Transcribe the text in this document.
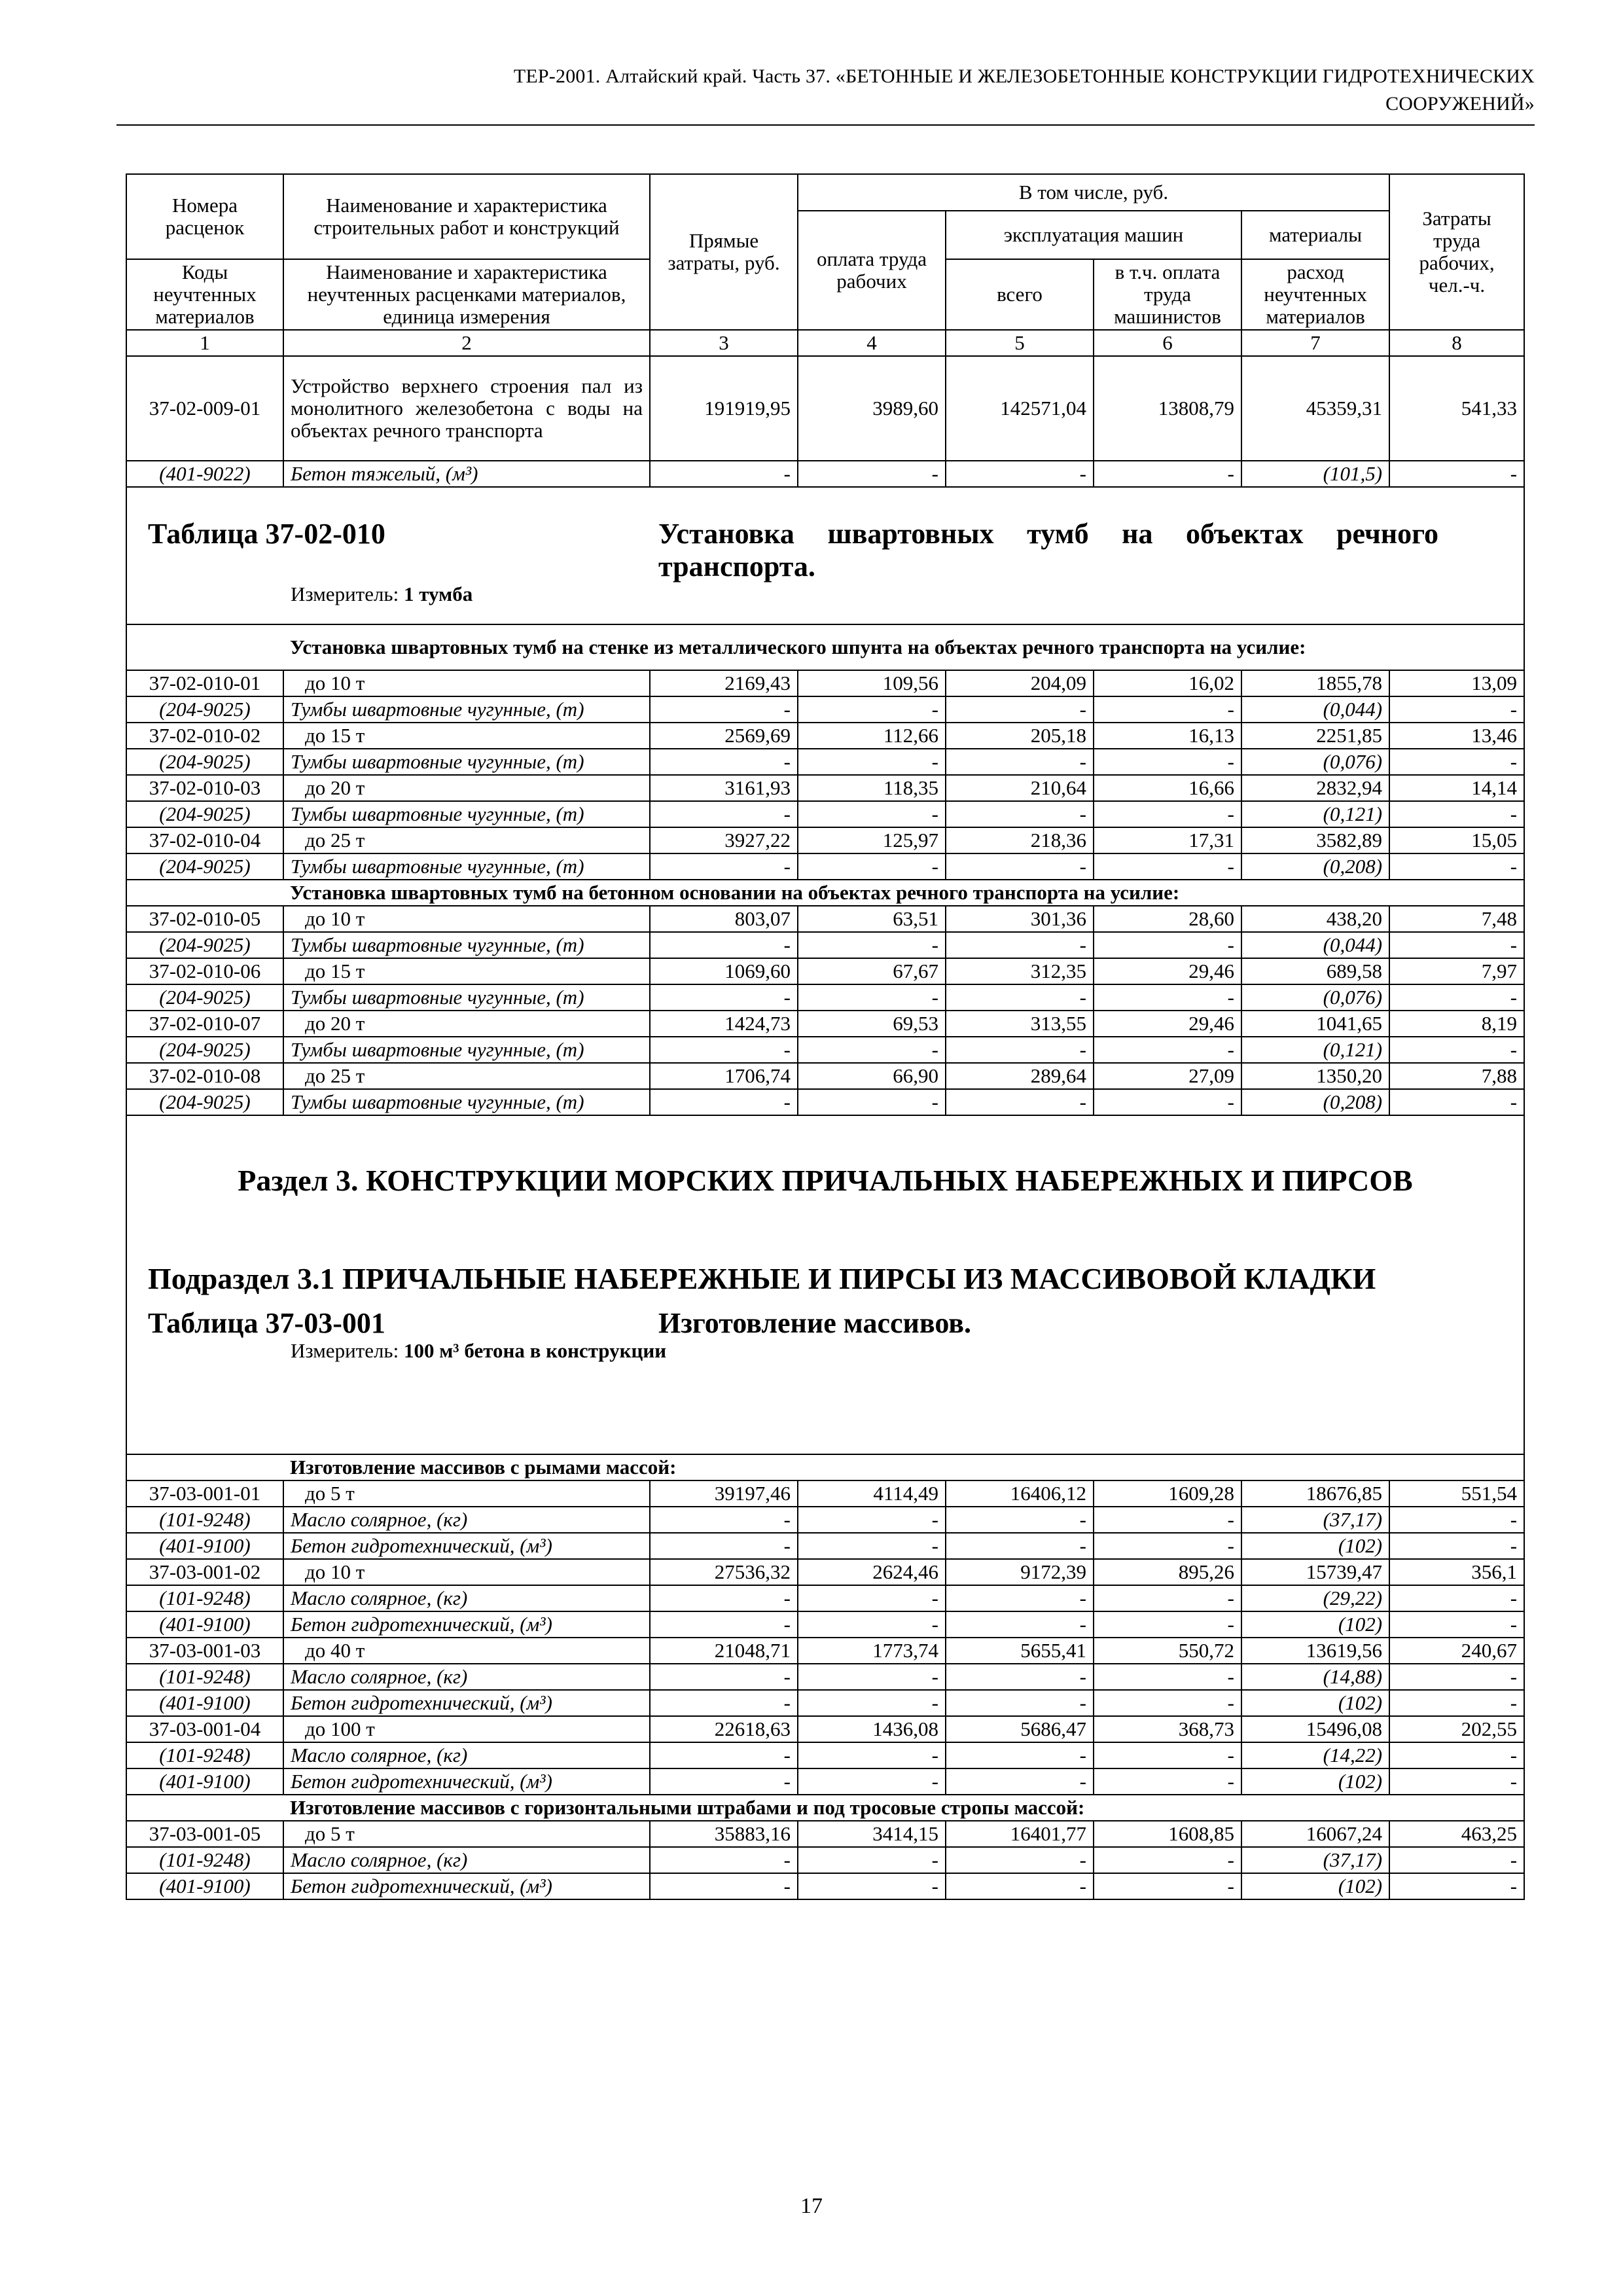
ТЕР-2001. Алтайский край. Часть 37. «БЕТОННЫЕ И ЖЕЛЕЗОБЕТОННЫЕ КОНСТРУКЦИИ ГИДРОТЕХНИЧЕСКИХ
СООРУЖЕНИЙ»
Номера расценок	Наименование и характеристика строительных работ и конструкций	Прямые затраты, руб.	В том числе, руб.				Затраты труда рабочих, чел.-ч.
			оплата труда рабочих	эксплуатация машин		материалы	
Коды неучтенных материалов	Наименование и характеристика неучтенных расценками материалов, единица измерения			всего	в т.ч. оплата труда машинистов	расход неучтенных материалов	
1	2	3	4	5	6	7	8
37-02-009-01	Устройство верхнего строения пал из монолитного железобетона с воды на объектах речного транспорта	191919,95	3989,60	142571,04	13808,79	45359,31	541,33
(401-9022)	Бетон тяжелый, (м³)	-	-	-	-	(101,5)	-

Таблица 37-02-010 Установка швартовных тумб на объектах речного транспорта.
Измеритель: 1 тумба							

	Установка швартовных тумб на стенке из металлического шпунта на объектах речного транспорта на усилие:						
37-02-010-01	до 10 т	2169,43	109,56	204,09	16,02	1855,78	13,09
(204-9025)	Тумбы швартовные чугунные, (т)	-	-	-	-	(0,044)	-
37-02-010-02	до 15 т	2569,69	112,66	205,18	16,13	2251,85	13,46
(204-9025)	Тумбы швартовные чугунные, (т)	-	-	-	-	(0,076)	-
37-02-010-03	до 20 т	3161,93	118,35	210,64	16,66	2832,94	14,14
(204-9025)	Тумбы швартовные чугунные, (т)	-	-	-	-	(0,121)	-
37-02-010-04	до 25 т	3927,22	125,97	218,36	17,31	3582,89	15,05
(204-9025)	Тумбы швартовные чугунные, (т)	-	-	-	-	(0,208)	-
	Установка швартовных тумб на бетонном основании на объектах речного транспорта на усилие:						
37-02-010-05	до 10 т	803,07	63,51	301,36	28,60	438,20	7,48
(204-9025)	Тумбы швартовные чугунные, (т)	-	-	-	-	(0,044)	-
37-02-010-06	до 15 т	1069,60	67,67	312,35	29,46	689,58	7,97
(204-9025)	Тумбы швартовные чугунные, (т)	-	-	-	-	(0,076)	-
37-02-010-07	до 20 т	1424,73	69,53	313,55	29,46	1041,65	8,19
(204-9025)	Тумбы швартовные чугунные, (т)	-	-	-	-	(0,121)	-
37-02-010-08	до 25 т	1706,74	66,90	289,64	27,09	1350,20	7,88
(204-9025)	Тумбы швартовные чугунные, (т)	-	-	-	-	(0,208)	-

Раздел 3. КОНСТРУКЦИИ МОРСКИХ ПРИЧАЛЬНЫХ НАБЕРЕЖНЫХ И ПИРСОВ
Подраздел 3.1 ПРИЧАЛЬНЫЕ НАБЕРЕЖНЫЕ И ПИРСЫ ИЗ МАССИВОВОЙ КЛАДКИ
Таблица 37-03-001 Изготовление массивов.
Измеритель: 100 м³ бетона в конструкции							

	Изготовление массивов с рымами массой:						
37-03-001-01	до 5 т	39197,46	4114,49	16406,12	1609,28	18676,85	551,54
(101-9248)	Масло солярное, (кг)	-	-	-	-	(37,17)	-
(401-9100)	Бетон гидротехнический, (м³)	-	-	-	-	(102)	-
37-03-001-02	до 10 т	27536,32	2624,46	9172,39	895,26	15739,47	356,1
(101-9248)	Масло солярное, (кг)	-	-	-	-	(29,22)	-
(401-9100)	Бетон гидротехнический, (м³)	-	-	-	-	(102)	-
37-03-001-03	до 40 т	21048,71	1773,74	5655,41	550,72	13619,56	240,67
(101-9248)	Масло солярное, (кг)	-	-	-	-	(14,88)	-
(401-9100)	Бетон гидротехнический, (м³)	-	-	-	-	(102)	-
37-03-001-04	до 100 т	22618,63	1436,08	5686,47	368,73	15496,08	202,55
(101-9248)	Масло солярное, (кг)	-	-	-	-	(14,22)	-
(401-9100)	Бетон гидротехнический, (м³)	-	-	-	-	(102)	-
	Изготовление массивов с горизонтальными штрабами и под тросовые стропы массой:						
37-03-001-05	до 5 т	35883,16	3414,15	16401,77	1608,85	16067,24	463,25
(101-9248)	Масло солярное, (кг)	-	-	-	-	(37,17)	-
(401-9100)	Бетон гидротехнический, (м³)	-	-	-	-	(102)	-
17
